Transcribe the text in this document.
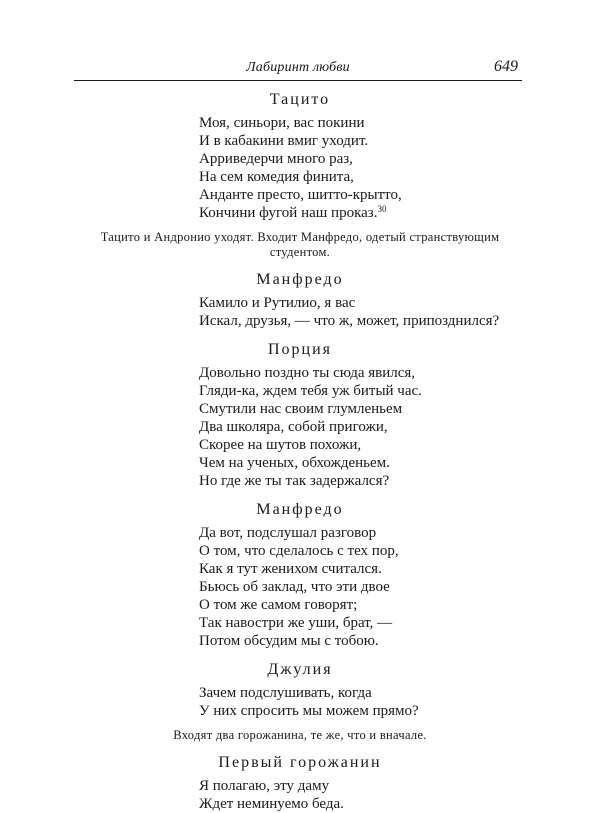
Лабиринт любви	649
Тацито
Моя, синьори, вас покини
И в кабакини вмиг уходит.
Арриведерчи много раз,
На сем комедия финита,
Анданте престо, шитто-крытто,
Кончини фугой наш проказ.$^{30}$
Тацито и Андронио уходят. Входит Манфредо, одетый странствующим студентом.
Манфредо
Камило и Рутилио, я вас
Искал, друзья, — что ж, может, припозднился?
Порция
Довольно поздно ты сюда явился,
Гляди-ка, ждем тебя уж битый час.
Смутили нас своим глумленьем
Два школяра, собой пригожи,
Скорее на шутов похожи,
Чем на ученых, обхожденьем.
Но где же ты так задержался?
Манфредо
Да вот, подслушал разговор
О том, что сделалось с тех пор,
Как я тут женихом считался.
Бьюсь об заклад, что эти двое
О том же самом говорят;
Так навостри же уши, брат, —
Потом обсудим мы с тобою.
Джулия
Зачем подслушивать, когда
У них спросить мы можем прямо?
Входят два горожанина, те же, что и вначале.
Первый горожанин
Я полагаю, эту даму
Ждет неминуемо беда.
